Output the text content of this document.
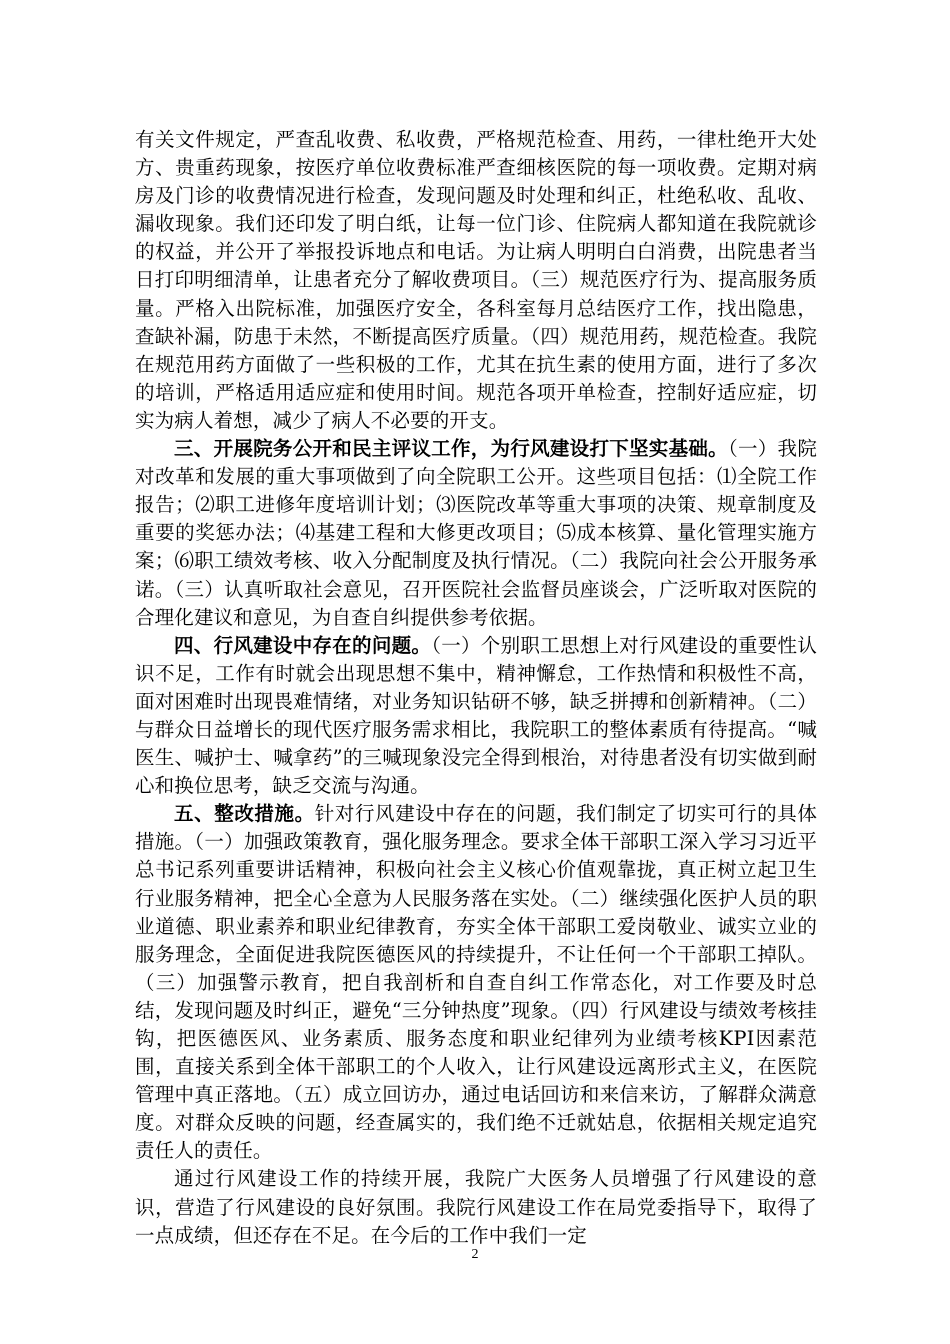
有关文件规定，严查乱收费、私收费，严格规范检查、用药，一律杜绝开大处方、贵重药现象，按医疗单位收费标准严查细核医院的每一项收费。定期对病房及门诊的收费情况进行检查，发现问题及时处理和纠正，杜绝私收、乱收、漏收现象。我们还印发了明白纸，让每一位门诊、住院病人都知道在我院就诊的权益，并公开了举报投诉地点和电话。为让病人明明白白消费，出院患者当日打印明细清单，让患者充分了解收费项目。（三）规范医疗行为、提高服务质量。严格入出院标准，加强医疗安全，各科室每月总结医疗工作，找出隐患，查缺补漏，防患于未然，不断提高医疗质量。（四）规范用药，规范检查。我院在规范用药方面做了一些积极的工作，尤其在抗生素的使用方面，进行了多次的培训，严格适用适应症和使用时间。规范各项开单检查，控制好适应症，切实为病人着想，减少了病人不必要的开支。

三、开展院务公开和民主评议工作，为行风建设打下坚实基础。（一）我院对改革和发展的重大事项做到了向全院职工公开。这些项目包括：⑴全院工作报告；⑵职工进修年度培训计划；⑶医院改革等重大事项的决策、规章制度及重要的奖惩办法；⑷基建工程和大修更改项目；⑸成本核算、量化管理实施方案；⑹职工绩效考核、收入分配制度及执行情况。（二）我院向社会公开服务承诺。（三）认真听取社会意见，召开医院社会监督员座谈会，广泛听取对医院的合理化建议和意见，为自查自纠提供参考依据。

四、行风建设中存在的问题。（一）个别职工思想上对行风建设的重要性认识不足，工作有时就会出现思想不集中，精神懈怠，工作热情和积极性不高，面对困难时出现畏难情绪，对业务知识钻研不够，缺乏拼搏和创新精神。（二）与群众日益增长的现代医疗服务需求相比，我院职工的整体素质有待提高。“喊医生、喊护士、喊拿药”的三喊现象没完全得到根治，对待患者没有切实做到耐心和换位思考，缺乏交流与沟通。

五、整改措施。针对行风建设中存在的问题，我们制定了切实可行的具体措施。（一）加强政策教育，强化服务理念。要求全体干部职工深入学习习近平总书记系列重要讲话精神，积极向社会主义核心价值观靠拢，真正树立起卫生行业服务精神，把全心全意为人民服务落在实处。（二）继续强化医护人员的职业道德、职业素养和职业纪律教育，夯实全体干部职工爱岗敬业、诚实立业的服务理念，全面促进我院医德医风的持续提升，不让任何一个干部职工掉队。（三）加强警示教育，把自我剖析和自查自纠工作常态化，对工作要及时总结，发现问题及时纠正，避免“三分钟热度”现象。（四）行风建设与绩效考核挂钩，把医德医风、业务素质、服务态度和职业纪律列为业绩考核KPI因素范围，直接关系到全体干部职工的个人收入，让行风建设远离形式主义，在医院管理中真正落地。（五）成立回访办，通过电话回访和来信来访，了解群众满意度。对群众反映的问题，经查属实的，我们绝不迁就姑息，依据相关规定追究责任人的责任。

通过行风建设工作的持续开展，我院广大医务人员增强了行风建设的意识，营造了行风建设的良好氛围。我院行风建设工作在局党委指导下，取得了一点成绩，但还存在不足。在今后的工作中我们一定

2
